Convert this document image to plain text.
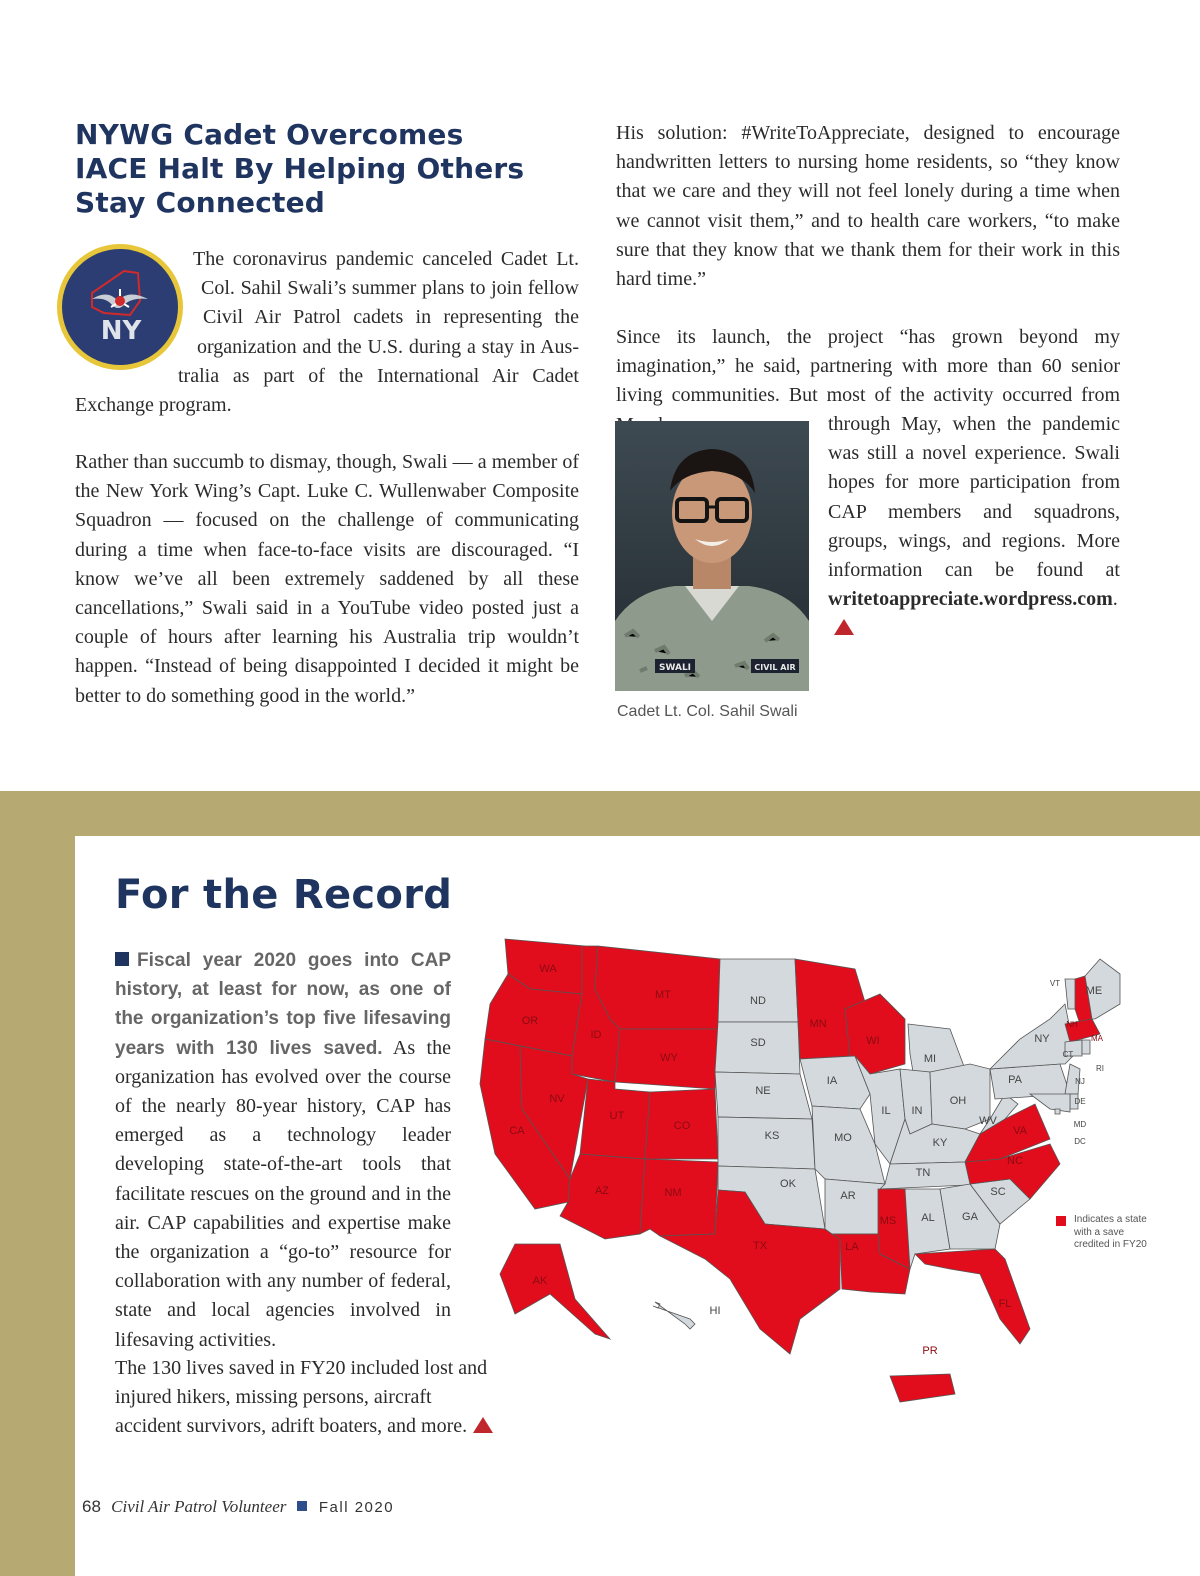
NYWG Cadet Overcomes IACE Halt By Helping Others Stay Connected
NY
The coronavirus pandemic canceled Cadet Lt.
Col. Sahil Swali’s summer plans to join fellow
Civil Air Patrol cadets in representing the
organization and the U.S. during a stay in Aus-
tralia as part of the International Air Cadet
Exchange program.
Rather than succumb to dismay, though, Swali — a member of the New York Wing’s Capt. Luke C. Wullenwaber Composite Squadron — focused on the challenge of communicating during a time when face-to-face visits are discouraged. “I know we’ve all been extremely saddened by all these cancellations,” Swali said in a YouTube video posted just a couple of hours after learning his Australia trip wouldn’t happen. “Instead of being disappointed I decided it might be better to do something good in the world.”
His solution: #WriteToAppreciate, designed to encourage handwritten letters to nursing home residents, so “they know that we care and they will not feel lonely during a time when we cannot visit them,” and to health care workers, “to make sure that they know that we thank them for their work in this hard time.”
Since its launch, the project “has grown beyond my imagination,” he said, partnering with more than 60 senior living communities. But most of the activity occurred from
SWALI	CIVIL AIR
Cadet Lt. Col. Sahil Swali
through May, when the pandemic was still a novel experience. Swali hopes for more participation from CAP members and squadrons, groups, wings, and regions. More information can be found at writetoappreciate.wordpress.com.
For the Record

Fiscal year 2020 goes into CAP history, at least for now, as one of the organization’s top five lifesaving years with 130 lives saved. As the organization has evolved over the course of the nearly 80-year history, CAP has emerged as a technology leader developing state-of-the-art tools that facilitate rescues on the ground and in the air. CAP capabilities and expertise make the organization a “go-to” resource for collaboration with any number of federal, state and local agencies involved in lifesaving activities.

The 130 lives saved in FY20 included lost and injured hikers, missing persons, aircraft accident survivors, adrift boaters, and more.
WA
OR
CA
ID
NV
MT
WY
UT
CO
AZ	NM
ND
SD
NE
KS
OK
TX
MN
IA
MO
AR
LA
WI
IL
MI
IN
OH
KY
TN
MS AL GA
FL
SC
NC
VA
WV
PA
NY
VT
NH
ME
MA
CT
RI
NJ
DE
MD
DC
AK
HI
PR
Indicates a state with a save credited in FY20
68 Civil Air Patrol Volunteer Fall 2020
